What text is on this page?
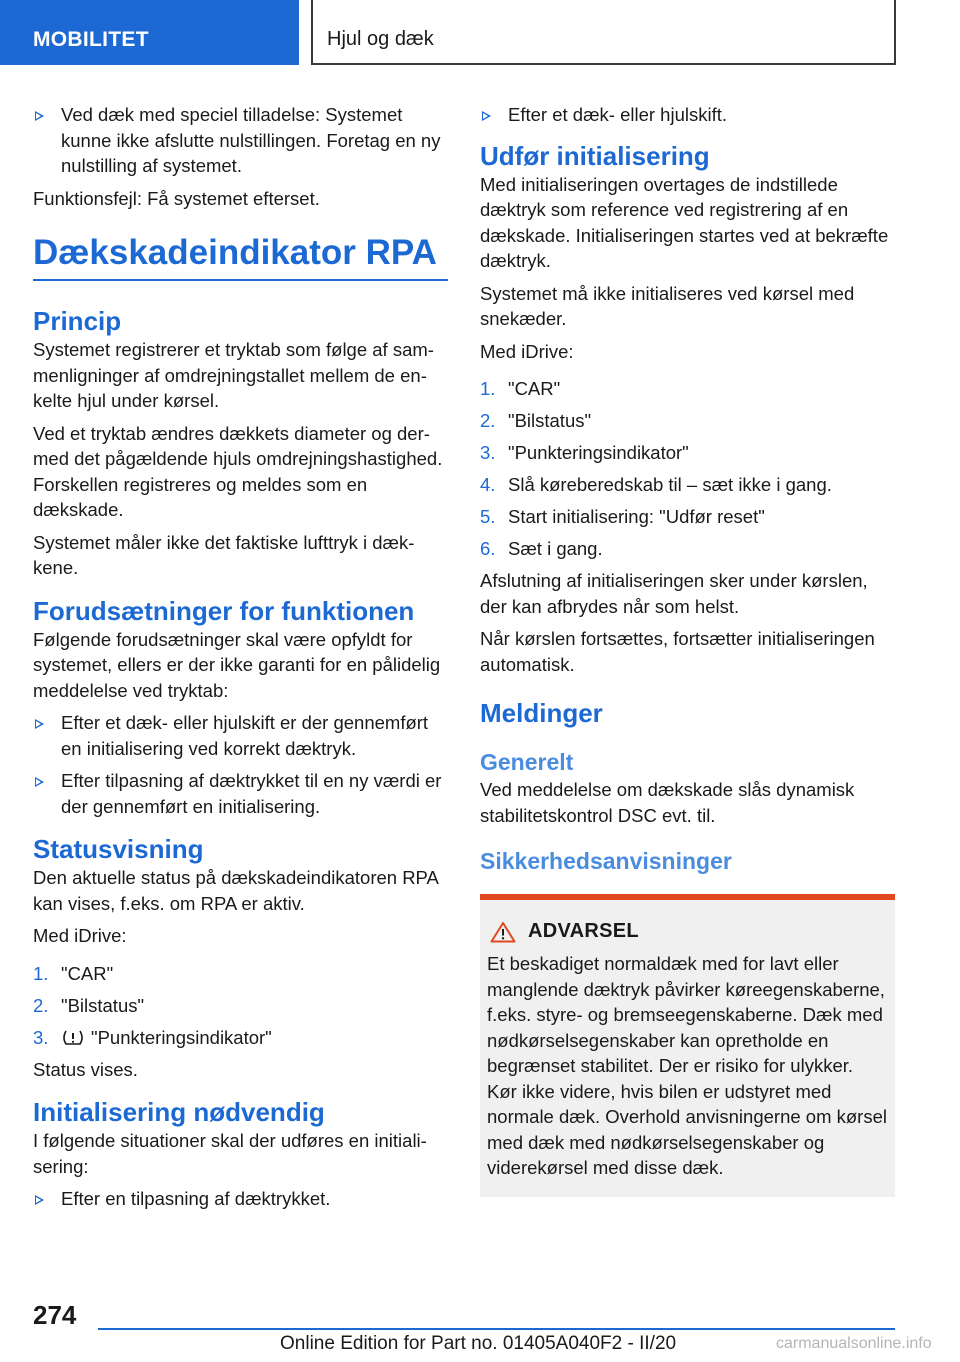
MOBILITET	Hjul og dæk
Ved dæk med speciel tilladelse: Systemet kunne ikke afslutte nulstillingen. Foretag en ny nulstilling af systemet.

Funktionsfejl: Få systemet efterset.

Dækskadeindikator RPA
Princip

Systemet registrerer et tryktab som følge af sammenligninger af omdrejningstallet mellem de enkelte hjul under kørsel.

Ved et tryktab ændres dækkets diameter og dermed det pågældende hjuls omdrejningshastighed. Forskellen registreres og meldes som en dækskade.

Systemet måler ikke det faktiske lufttryk i dækkene.

Forudsætninger for funktionen

Følgende forudsætninger skal være opfyldt for systemet, ellers er der ikke garanti for en pålidelig meddelelse ved tryktab:

Efter et dæk- eller hjulskift er der gennemført en initialisering ved korrekt dæktryk.
Efter tilpasning af dæktrykket til en ny værdi er der gennemført en initialisering.
Statusvisning

Den aktuelle status på dækskadeindikatoren RPA kan vises, f.eks. om RPA er aktiv.

Med iDrive:

1. "CAR"
2. "Bilstatus"
3. "Punkteringsindikator"

Status vises.

Initialisering nødvendig

I følgende situationer skal der udføres en initialisering:

Efter en tilpasning af dæktrykket.
Efter et dæk- eller hjulskift.
Udfør initialisering

Med initialiseringen overtages de indstillede dæktryk som reference ved registrering af en dækskade. Initialiseringen startes ved at bekræfte dæktryk.

Systemet må ikke initialiseres ved kørsel med snekæder.

Med iDrive:

1. "CAR"
2. "Bilstatus"
3. "Punkteringsindikator"
4. Slå køreberedskab til – sæt ikke i gang.
5. Start initialisering: "Udfør reset"
6. Sæt i gang.

Afslutning af initialiseringen sker under kørslen, der kan afbrydes når som helst.

Når kørslen fortsættes, fortsætter initialiseringen automatisk.

Meldinger
Generelt

Ved meddelelse om dækskade slås dynamisk stabilitetskontrol DSC evt. til.

Sikkerhedsanvisninger
ADVARSEL

Et beskadiget normaldæk med for lavt eller manglende dæktryk påvirker køreegenskaberne, f.eks. styre- og bremseegenskaberne. Dæk med nødkørselsegenskaber kan opretholde en begrænset stabilitet. Der er risiko for ulykker. Kør ikke videre, hvis bilen er udstyret med normale dæk. Overhold anvisningerne om kørsel med dæk med nødkørselsegenskaber og viderekørsel med disse dæk.

274
Online Edition for Part no. 01405A040F2 - II/20	carmanualsonline.info
